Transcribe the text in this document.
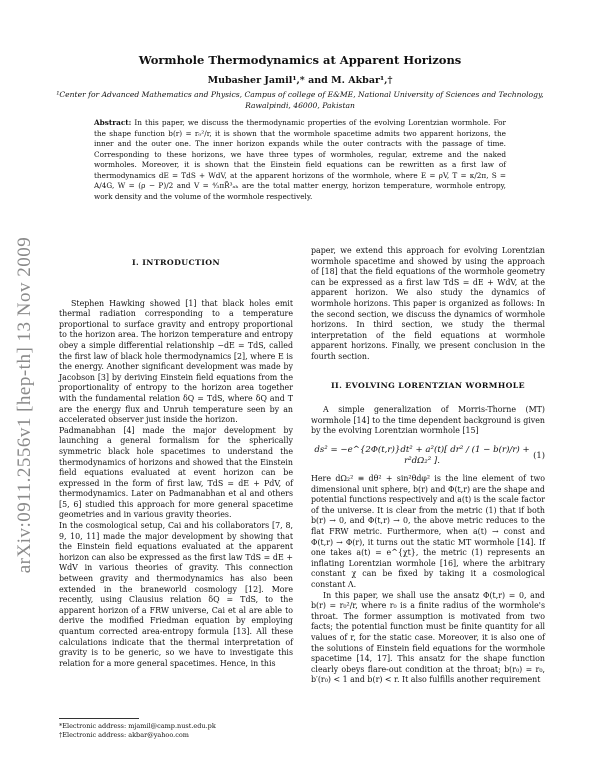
arXiv:0911.2556v1 [hep-th] 13 Nov 2009
Wormhole Thermodynamics at Apparent Horizons
Mubasher Jamil¹,* and M. Akbar¹,†
¹Center for Advanced Mathematics and Physics, Campus of college of E&ME, National University of Sciences and Technology,
Rawalpindi, 46000, Pakistan
Abstract: In this paper, we discuss the thermodynamic properties of the evolving Lorentzian wormhole. For the shape function b(r) = r₀²/r, it is shown that the wormhole spacetime admits two apparent horizons, the inner and the outer one. The inner horizon expands while the outer contracts with the passage of time. Corresponding to these horizons, we have three types of wormholes, regular, extreme and the naked wormholes. Moreover, it is shown that the Einstein field equations can be rewritten as a first law of thermodynamics dE = TdS + WdV, at the apparent horizons of the wormhole, where E = ρV, T = κ/2π, S = A/4G, W = (ρ − P)/2 and V = ⁴⁄₃πR̃³ₐₕ are the total matter energy, horizon temperature, wormhole entropy, work density and the volume of the wormhole respectively.
I. INTRODUCTION

Stephen Hawking showed [1] that black holes emit thermal radiation corresponding to a temperature proportional to surface gravity and entropy proportional to the horizon area. The horizon temperature and entropy obey a simple differential relationship −dE = TdS, called the first law of black hole thermodynamics [2], where E is the energy. Another significant development was made by Jacobson [3] by deriving Einstein field equations from the proportionality of entropy to the horizon area together with the fundamental relation δQ = TdS, where δQ and T are the energy flux and Unruh temperature seen by an accelerated observer just inside the horizon.

Padmanabhan [4] made the major development by launching a general formalism for the spherically symmetric black hole spacetimes to understand the thermodynamics of horizons and showed that the Einstein field equations evaluated at event horizon can be expressed in the form of first law, TdS = dE + PdV, of thermodynamics. Later on Padmanabhan et al and others [5, 6] studied this approach for more general spacetime geometries and in various gravity theories.

In the cosmological setup, Cai and his collaborators [7, 8, 9, 10, 11] made the major development by showing that the Einstein field equations evaluated at the apparent horizon can also be expressed as the first law TdS = dE + WdV in various theories of gravity. This connection between gravity and thermodynamics has also been extended in the braneworld cosmology [12]. More recently, using Clausius relation δQ = TdS, to the apparent horizon of a FRW universe, Cai et al are able to derive the modified Friedman equation by employing quantum corrected area-entropy formula [13]. All these calculations indicate that the thermal interpretation of gravity is to be generic, so we have to investigate this relation for a more general spacetimes. Hence, in this

paper, we extend this approach for evolving Lorentzian wormhole spacetime and showed by using the approach of [18] that the field equations of the wormhole geometry can be expressed as a first law TdS = dE + WdV, at the apparent horizon. We also study the dynamics of wormhole horizons. This paper is organized as follows: In the second section, we discuss the dynamics of wormhole horizons. In third section, we study the thermal interpretation of the field equations at wormhole apparent horizons. Finally, we present conclusion in the fourth section.

II. EVOLVING LORENTZIAN WORMHOLE

A simple generalization of Morris-Thorne (MT) wormhole [14] to the time dependent background is given by the evolving Lorentzian wormhole [15]

ds² = −e^{2Φ(t,r)}dt² + a²(t)[ dr² / (1 − b(r)/r) + r²dΩ₂² ].
(1)

Here dΩ₂² ≡ dθ² + sin²θdφ² is the line element of two dimensional unit sphere, b(r) and Φ(t,r) are the shape and potential functions respectively and a(t) is the scale factor of the universe. It is clear from the metric (1) that if both b(r) → 0, and Φ(t,r) → 0, the above metric reduces to the flat FRW metric. Furthermore, when a(t) → const and Φ(t,r) → Φ(r), it turns out the static MT wormhole [14]. If one takes a(t) = e^{χt}, the metric (1) represents an inflating Lorentzian wormhole [16], where the arbitrary constant χ can be fixed by taking it a cosmological constant Λ.

In this paper, we shall use the ansatz Φ(t,r) = 0, and b(r) = r₀²/r, where r₀ is a finite radius of the wormhole's throat. The former assumption is motivated from two facts; the potential function must be finite quantity for all values of r, for the static case. Moreover, it is also one of the solutions of Einstein field equations for the wormhole spacetime [14, 17]. This ansatz for the shape function clearly obeys flare-out condition at the throat; b(r₀) = r₀, b′(r₀) < 1 and b(r) < r. It also fulfills another requirement

*Electronic address: mjamil@camp.nust.edu.pk
†Electronic address: akbar@yahoo.com
